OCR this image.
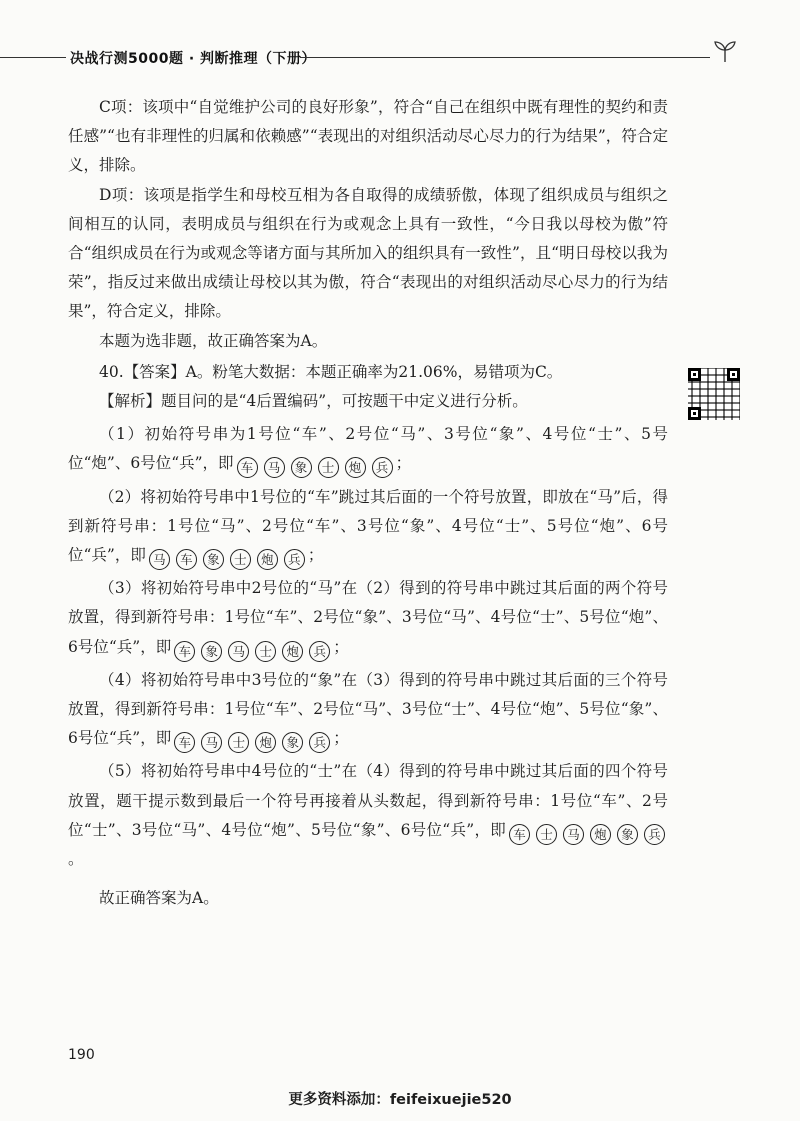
决战行测5000题 · 判断推理（下册）

C项：该项中“自觉维护公司的良好形象”，符合“自己在组织中既有理性的契约和责任感”“也有非理性的归属和依赖感”“表现出的对组织活动尽心尽力的行为结果”，符合定义，排除。

D项：该项是指学生和母校互相为各自取得的成绩骄傲，体现了组织成员与组织之间相互的认同，表明成员与组织在行为或观念上具有一致性，“今日我以母校为傲”符合“组织成员在行为或观念等诸方面与其所加入的组织具有一致性”，且“明日母校以我为荣”，指反过来做出成绩让母校以其为傲，符合“表现出的对组织活动尽心尽力的行为结果”，符合定义，排除。

本题为选非题，故正确答案为A。

40.【答案】A。粉笔大数据：本题正确率为21.06%，易错项为C。

【解析】题目问的是“4后置编码”，可按题干中定义进行分析。

（1）初始符号串为1号位“车”、2号位“马”、3号位“象”、4号位“士”、5号位“炮”、6号位“兵”，即 车 马 象 士 炮 兵 ；

（2）将初始符号串中1号位的“车”跳过其后面的一个符号放置，即放在“马”后，得到新符号串：1号位“马”、2号位“车”、3号位“象”、4号位“士”、5号位“炮”、6号位“兵”，即 马 车 象 士 炮 兵 ；

（3）将初始符号串中2号位的“马”在（2）得到的符号串中跳过其后面的两个符号放置，得到新符号串：1号位“车”、2号位“象”、3号位“马”、4号位“士”、5号位“炮”、6号位“兵”，即 车 象 马 士 炮 兵 ；

（4）将初始符号串中3号位的“象”在（3）得到的符号串中跳过其后面的三个符号放置，得到新符号串：1号位“车”、2号位“马”、3号位“士”、4号位“炮”、5号位“象”、6号位“兵”，即 车 马 士 炮 象 兵 ；

（5）将初始符号串中4号位的“士”在（4）得到的符号串中跳过其后面的四个符号放置，题干提示数到最后一个符号再接着从头数起，得到新符号串：1号位“车”、2号位“士”、3号位“马”、4号位“炮”、5号位“象”、6号位“兵”，即 车 士 马 炮 象 兵。

故正确答案为A。

190
更多资料添加：feifeixuejie520
